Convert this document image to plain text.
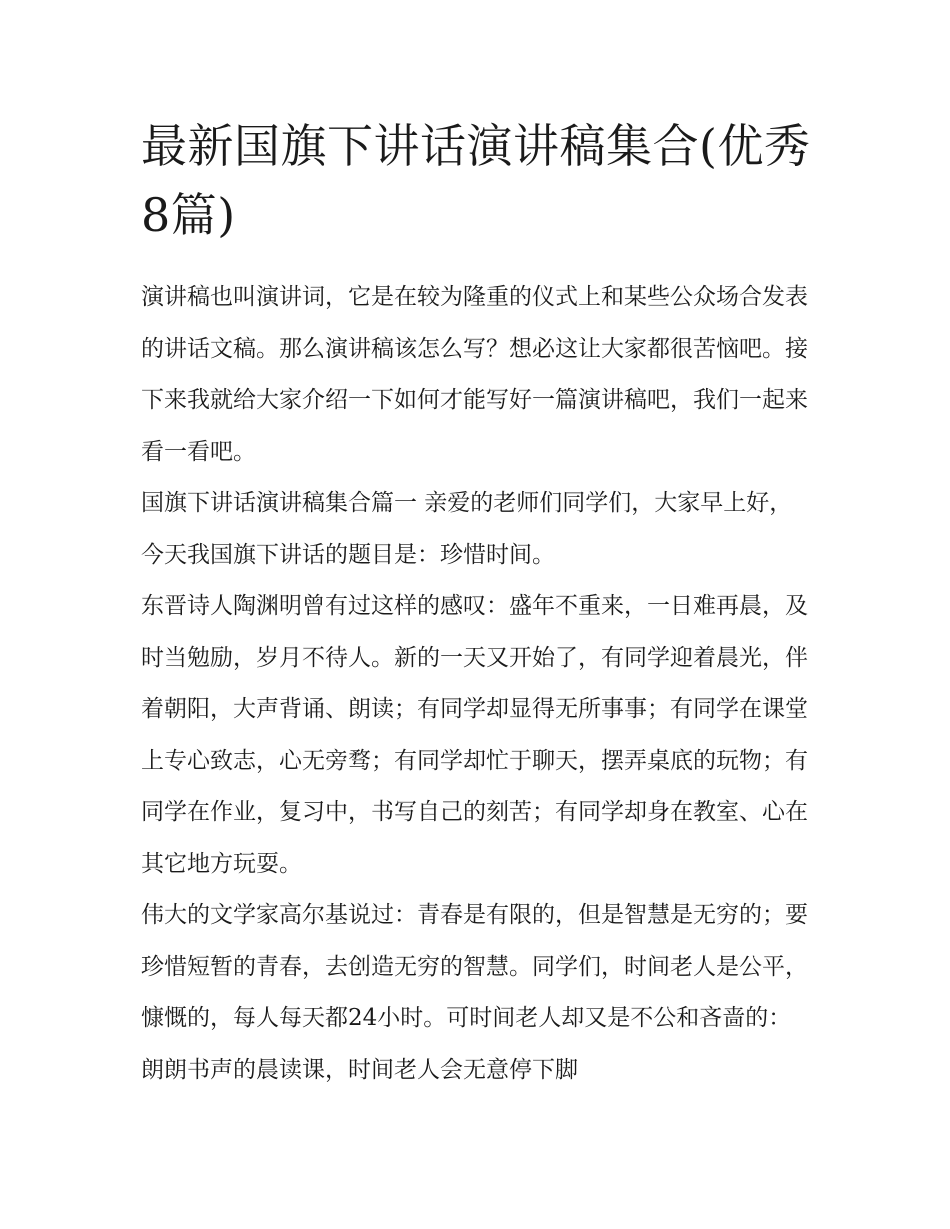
最新国旗下讲话演讲稿集合(优秀8篇)

演讲稿也叫演讲词，它是在较为隆重的仪式上和某些公众场合发表的讲话文稿。那么演讲稿该怎么写？想必这让大家都很苦恼吧。接下来我就给大家介绍一下如何才能写好一篇演讲稿吧，我们一起来看一看吧。

国旗下讲话演讲稿集合篇一 亲爱的老师们同学们，大家早上好，今天我国旗下讲话的题目是：珍惜时间。

东晋诗人陶渊明曾有过这样的感叹：盛年不重来，一日难再晨，及时当勉励，岁月不待人。新的一天又开始了，有同学迎着晨光，伴着朝阳，大声背诵、朗读；有同学却显得无所事事；有同学在课堂上专心致志，心无旁骛；有同学却忙于聊天，摆弄桌底的玩物；有同学在作业，复习中，书写自己的刻苦；有同学却身在教室、心在其它地方玩耍。

伟大的文学家高尔基说过：青春是有限的，但是智慧是无穷的；要珍惜短暂的青春，去创造无穷的智慧。同学们，时间老人是公平，慷慨的，每人每天都24小时。可时间老人却又是不公和吝啬的：朗朗书声的晨读课，时间老人会无意停下脚
